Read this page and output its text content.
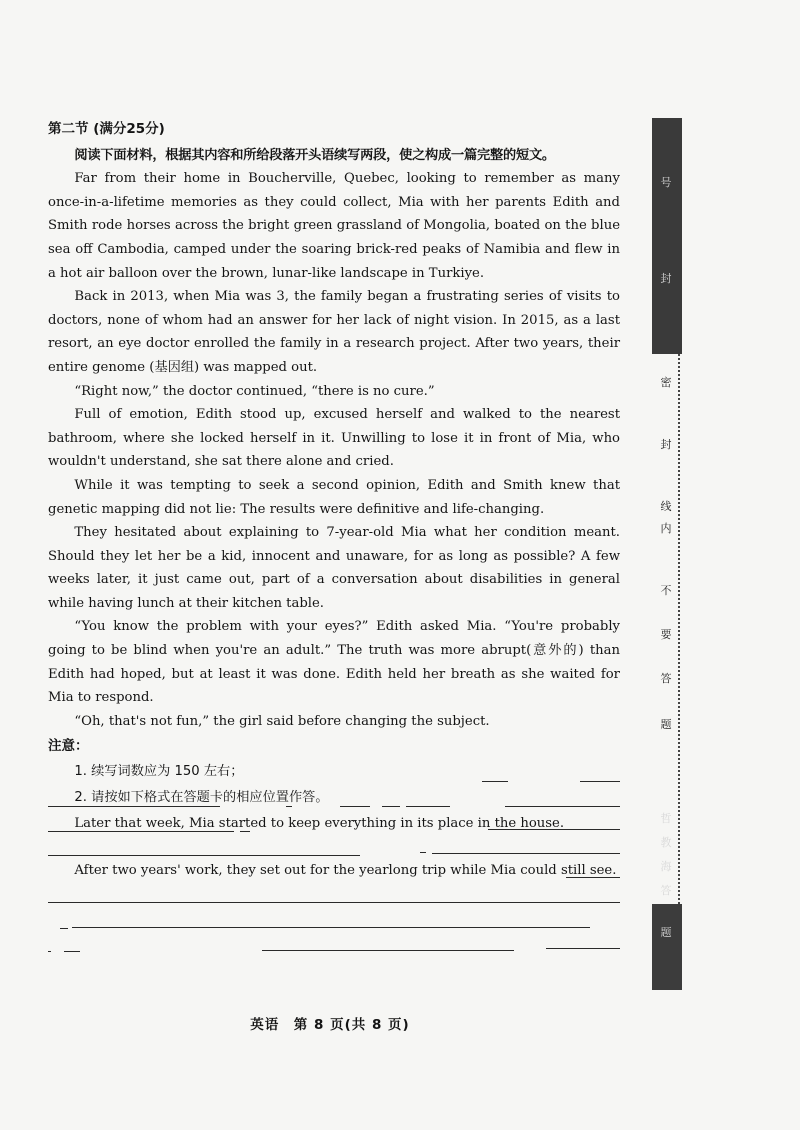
第二节 (满分25分)

阅读下面材料，根据其内容和所给段落开头语续写两段，使之构成一篇完整的短文。

Far from their home in Boucherville, Quebec, looking to remember as many once-in-a-lifetime memories as they could collect, Mia with her parents Edith and Smith rode horses across the bright green grassland of Mongolia, boated on the blue sea off Cambodia, camped under the soaring brick-red peaks of Namibia and flew in a hot air balloon over the brown, lunar-like landscape in Turkiye.

Back in 2013, when Mia was 3, the family began a frustrating series of visits to doctors, none of whom had an answer for her lack of night vision. In 2015, as a last resort, an eye doctor enrolled the family in a research project. After two years, their entire genome (基因组) was mapped out.

“Right now,” the doctor continued, “there is no cure.”

Full of emotion, Edith stood up, excused herself and walked to the nearest bathroom, where she locked herself in it. Unwilling to lose it in front of Mia, who wouldn't understand, she sat there alone and cried.

While it was tempting to seek a second opinion, Edith and Smith knew that genetic mapping did not lie: The results were definitive and life-changing.

They hesitated about explaining to 7-year-old Mia what her condition meant. Should they let her be a kid, innocent and unaware, for as long as possible? A few weeks later, it just came out, part of a conversation about disabilities in general while having lunch at their kitchen table.

“You know the problem with your eyes?” Edith asked Mia. “You're probably going to be blind when you're an adult.” The truth was more abrupt(意外的) than Edith had hoped, but at least it was done. Edith held her breath as she waited for Mia to respond.

“Oh, that's not fun,” the girl said before changing the subject.

注意：
1. 续写词数应为 150 左右；
2. 请按如下格式在答题卡的相应位置作答。

Later that week, Mia started to keep everything in its place in the house.

After two years' work, they set out for the yearlong trip while Mia could still see.

英语　第 8 页(共 8 页)
号
封
密
封
线
内
不
要
答
题
哲
教
海
答
题
